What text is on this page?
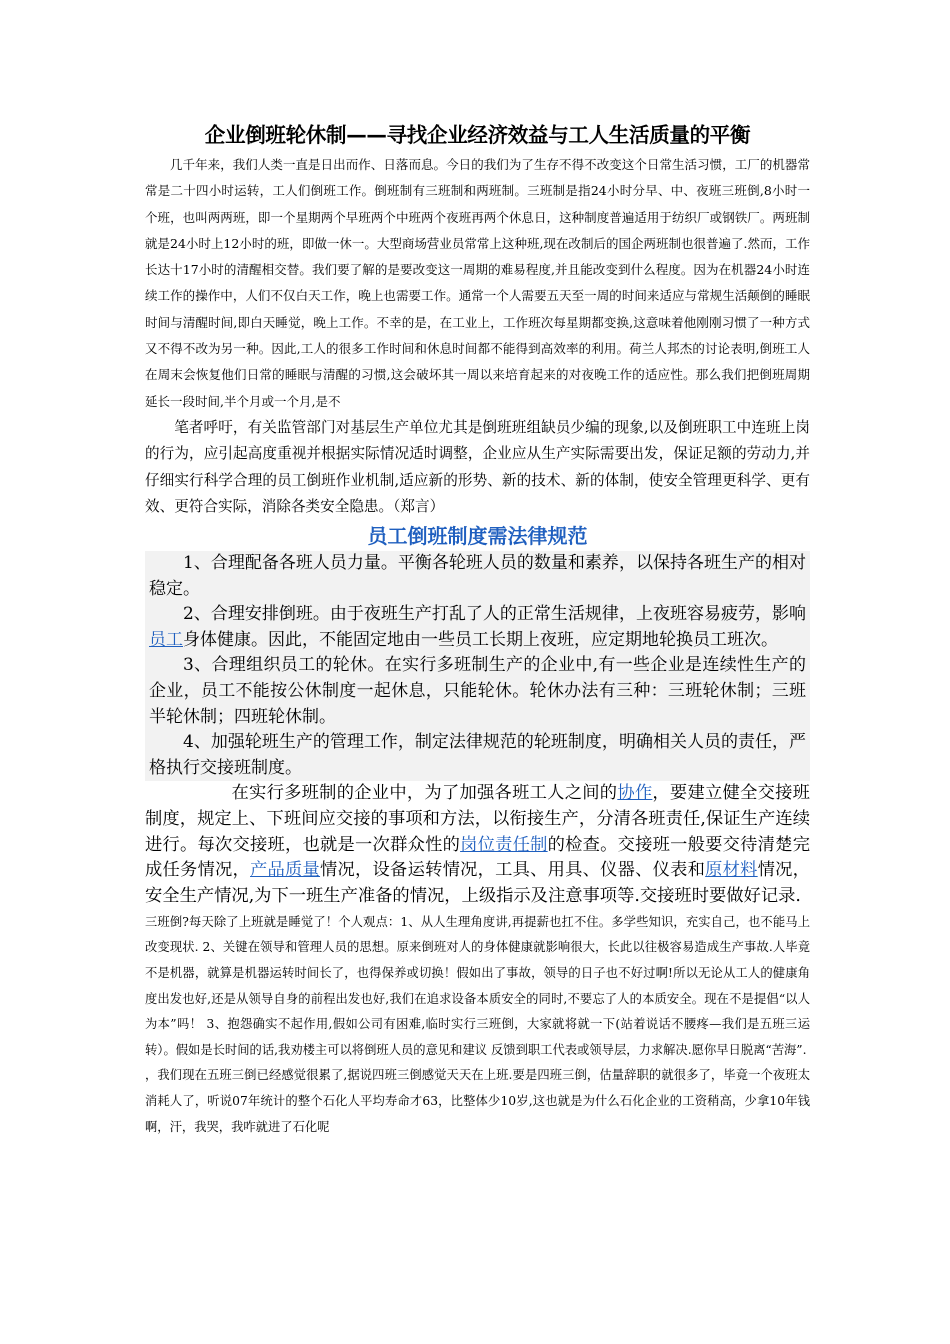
企业倒班轮休制——寻找企业经济效益与工人生活质量的平衡

几千年来，我们人类一直是日出而作、日落而息。今日的我们为了生存不得不改变这个日常生活习惯，工厂的机器常常是二十四小时运转，工人们倒班工作。倒班制有三班制和两班制。三班制是指24小时分早、中、夜班三班倒,8小时一个班，也叫两两班，即一个星期两个早班两个中班两个夜班再两个休息日，这种制度普遍适用于纺织厂或钢铁厂。两班制就是24小时上12小时的班，即做一休一。大型商场营业员常常上这种班,现在改制后的国企两班制也很普遍了.然而，工作长达十17小时的清醒相交替。我们要了解的是要改变这一周期的难易程度,并且能改变到什么程度。因为在机器24小时连续工作的操作中，人们不仅白天工作，晚上也需要工作。通常一个人需要五天至一周的时间来适应与常规生活颠倒的睡眠时间与清醒时间,即白天睡觉，晚上工作。不幸的是，在工业上，工作班次每星期都变换,这意味着他刚刚习惯了一种方式又不得不改为另一种。因此,工人的很多工作时间和休息时间都不能得到高效率的利用。荷兰人邦杰的讨论表明,倒班工人在周末会恢复他们日常的睡眠与清醒的习惯,这会破坏其一周以来培育起来的对夜晚工作的适应性。那么我们把倒班周期延长一段时间,半个月或一个月,是不

笔者呼吁，有关监管部门对基层生产单位尤其是倒班班组缺员少编的现象,以及倒班职工中连班上岗的行为，应引起高度重视并根据实际情况适时调整，企业应从生产实际需要出发，保证足额的劳动力,并仔细实行科学合理的员工倒班作业机制,适应新的形势、新的技术、新的体制，使安全管理更科学、更有效、更符合实际，消除各类安全隐患。（郑言）

员工倒班制度需法律规范

1、合理配备各班人员力量。平衡各轮班人员的数量和素养，以保持各班生产的相对稳定。

2、合理安排倒班。由于夜班生产打乱了人的正常生活规律，上夜班容易疲劳，影响员工身体健康。因此，不能固定地由一些员工长期上夜班，应定期地轮换员工班次。

3、合理组织员工的轮休。在实行多班制生产的企业中,有一些企业是连续性生产的企业，员工不能按公休制度一起休息，只能轮休。轮休办法有三种：三班轮休制；三班半轮休制；四班轮休制。

4、加强轮班生产的管理工作，制定法律规范的轮班制度，明确相关人员的责任，严格执行交接班制度。

在实行多班制的企业中，为了加强各班工人之间的协作，要建立健全交接班制度，规定上、下班间应交接的事项和方法，以衔接生产，分清各班责任,保证生产连续进行。每次交接班，也就是一次群众性的岗位责任制的检查。交接班一般要交待清楚完成任务情况，产品质量情况，设备运转情况，工具、用具、仪器、仪表和原材料情况，安全生产情况,为下一班生产准备的情况，上级指示及注意事项等.交接班时要做好记录.

三班倒?每天除了上班就是睡觉了！个人观点：1、从人生理角度讲,再提薪也扛不住。多学些知识，充实自己，也不能马上改变现状. 2、关键在领导和管理人员的思想。原来倒班对人的身体健康就影响很大，长此以往极容易造成生产事故.人毕竟不是机器，就算是机器运转时间长了，也得保养或切换！假如出了事故，领导的日子也不好过啊!所以无论从工人的健康角度出发也好,还是从领导自身的前程出发也好,我们在追求设备本质安全的同时,不要忘了人的本质安全。现在不是提倡“以人为本”吗！ 3、抱怨确实不起作用,假如公司有困难,临时实行三班倒，大家就将就一下(站着说话不腰疼—我们是五班三运转）。假如是长时间的话,我劝楼主可以将倒班人员的意见和建议 反馈到职工代表或领导层，力求解决.愿你早日脱离“苦海”.

，我们现在五班三倒已经感觉很累了,据说四班三倒感觉天天在上班.要是四班三倒，估量辞职的就很多了，毕竟一个夜班太消耗人了，听说07年统计的整个石化人平均寿命才63，比整体少10岁,这也就是为什么石化企业的工资稍高，少拿10年钱啊，汗，我哭，我咋就进了石化呢
